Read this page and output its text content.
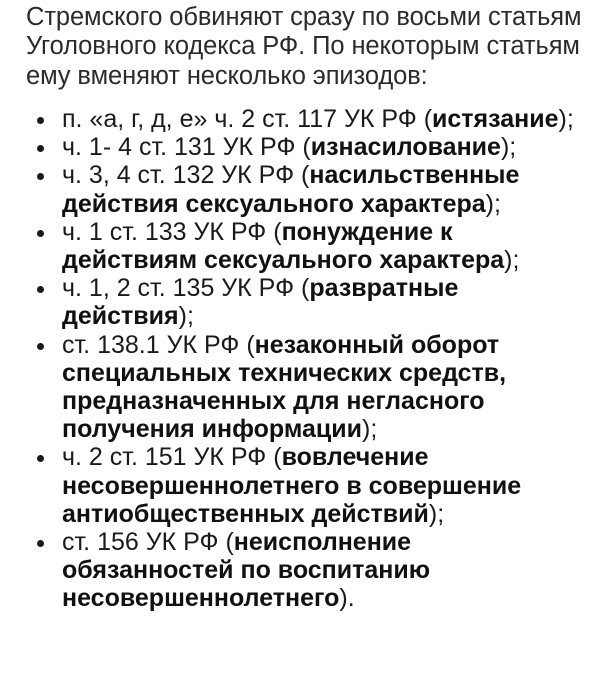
Стремского обвиняют сразу по восьми статьям Уголовного кодекса РФ. По некоторым статьям ему вменяют несколько эпизодов:

п. «а, г, д, е» ч. 2 ст. 117 УК РФ (истязание);
ч. 1- 4 ст. 131 УК РФ (изнасилование);
ч. 3, 4 ст. 132 УК РФ (насильственные действия сексуального характера);
ч. 1 ст. 133 УК РФ (понуждение к действиям сексуального характера);
ч. 1, 2 ст. 135 УК РФ (развратные действия);
ст. 138.1 УК РФ (незаконный оборот специальных технических средств, предназначенных для негласного получения информации);
ч. 2 ст. 151 УК РФ (вовлечение несовершеннолетнего в совершение антиобщественных действий);
ст. 156 УК РФ (неисполнение обязанностей по воспитанию несовершеннолетнего).
